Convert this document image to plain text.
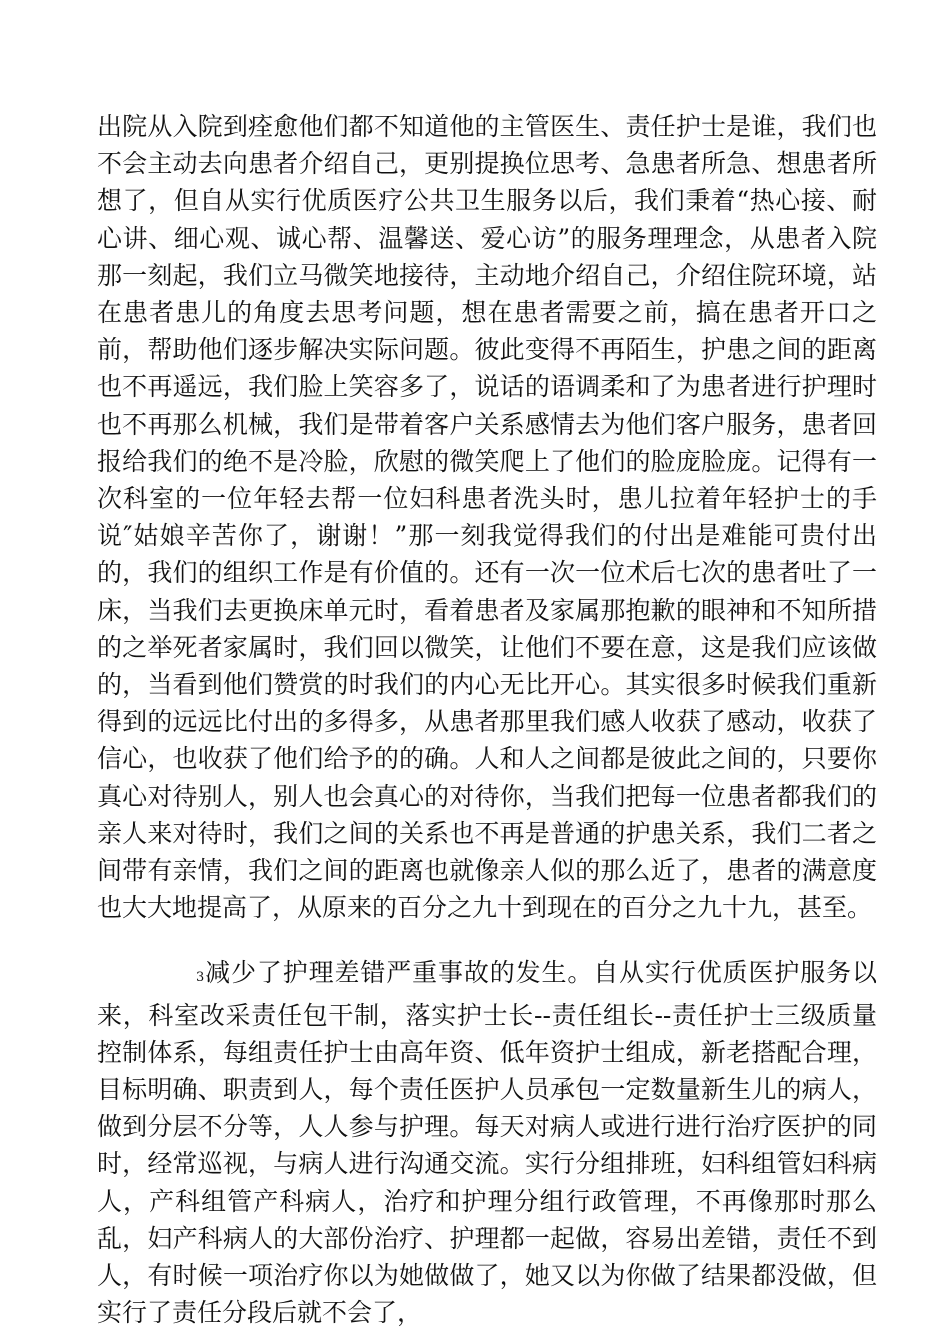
出院从入院到痊愈他们都不知道他的主管医生、责任护士是谁，我们也不会主动去向患者介绍自己，更别提换位思考、急患者所急、想患者所想了，但自从实行优质医疗公共卫生服务以后，我们秉着“热心接、耐心讲、细心观、诚心帮、温馨送、爱心访”的服务理理念，从患者入院那一刻起，我们立马微笑地接待，主动地介绍自己，介绍住院环境，站在患者患儿的角度去思考问题，想在患者需要之前，搞在患者开口之前，帮助他们逐步解决实际问题。彼此变得不再陌生，护患之间的距离也不再遥远，我们脸上笑容多了，说话的语调柔和了为患者进行护理时也不再那么机械，我们是带着客户关系感情去为他们客户服务，患者回报给我们的绝不是冷脸，欣慰的微笑爬上了他们的脸庞脸庞。记得有一次科室的一位年轻去帮一位妇科患者洗头时，患儿拉着年轻护士的手说″姑娘辛苦你了，谢谢！”那一刻我觉得我们的付出是难能可贵付出的，我们的组织工作是有价值的。还有一次一位术后七次的患者吐了一床，当我们去更换床单元时，看着患者及家属那抱歉的眼神和不知所措的之举死者家属时，我们回以微笑，让他们不要在意，这是我们应该做的，当看到他们赞赏的时我们的内心无比开心。其实很多时候我们重新得到的远远比付出的多得多，从患者那里我们感人收获了感动，收获了信心，也收获了他们给予的的确。人和人之间都是彼此之间的，只要你真心对待别人，别人也会真心的对待你，当我们把每一位患者都我们的亲人来对待时，我们之间的关系也不再是普通的护患关系，我们二者之间带有亲情，我们之间的距离也就像亲人似的那么近了，患者的满意度也大大地提高了，从原来的百分之九十到现在的百分之九十九，甚至。

3减少了护理差错严重事故的发生。自从实行优质医护服务以来，科室改采责任包干制，落实护士长--责任组长--责任护士三级质量控制体系，每组责任护士由高年资、低年资护士组成，新老搭配合理，目标明确、职责到人，每个责任医护人员承包一定数量新生儿的病人，做到分层不分等，人人参与护理。每天对病人或进行进行治疗医护的同时，经常巡视，与病人进行沟通交流。实行分组排班，妇科组管妇科病人，产科组管产科病人，治疗和护理分组行政管理，不再像那时那么乱，妇产科病人的大部份治疗、护理都一起做，容易出差错，责任不到人，有时候一项治疗你以为她做做了，她又以为你做了结果都没做，但实行了责任分段后就不会了，
